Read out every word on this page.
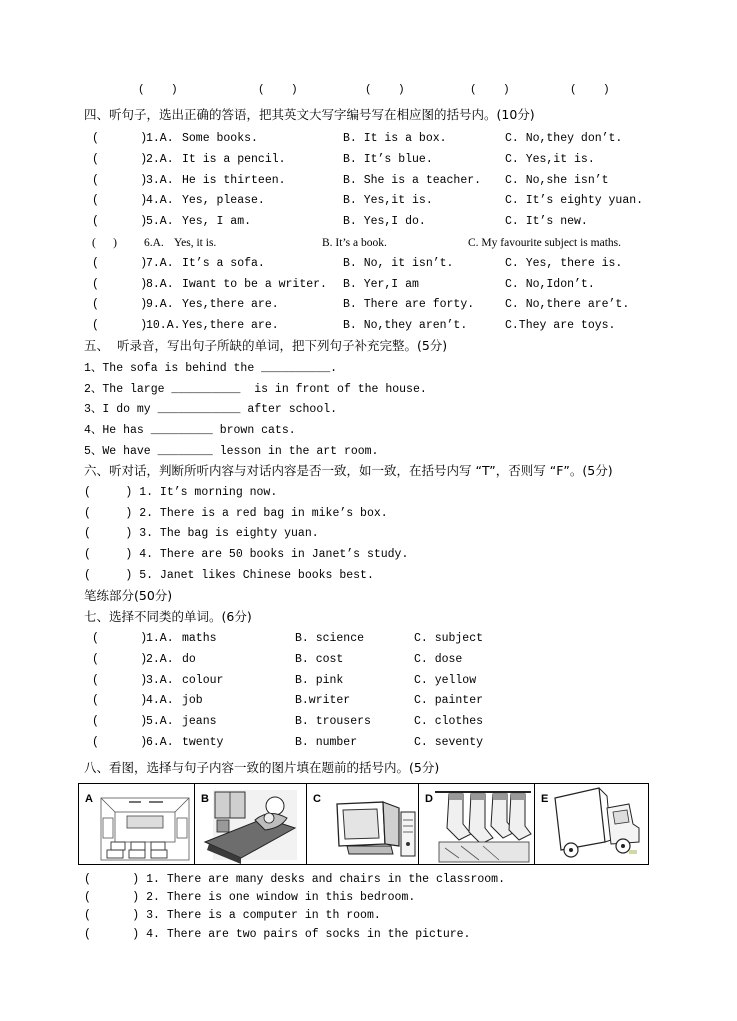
(    )	(    )	(    )	(    )	(    )
四、听句子，选出正确的答语，把其英文大写字编号写在相应图的括号内。(10分)
(      )
1.A. Some books.	B. It is a box.	C. No,they don’t.
(      )
2.A. It is a pencil.	B. It’s blue.	C. Yes,it is.
(      )
3.A. He is thirteen.	B. She is a teacher. C. No,she isn’t
(      )
4.A. Yes, please.	B. Yes,it is.	C. It’s eighty yuan.
(      )
5.A. Yes, I am.	B. Yes,I do.	C. It’s new.
(      ) 6.A. Yes, it is.	B. It’s a book.	C. My favourite subject is maths.
(      )
7.A. It’s a sofa.	B. No, it isn’t.	C. Yes, there is.
(      )
8.A. Iwant to be a writer. B. Yer,I am	C. No,Idon’t.
(      )
9.A. Yes,there are.	B. There are forty.	C. No,there are’t.
(      )
10.A. Yes,there are.	B. No,they aren’t.	C.They are toys.
五、  听录音，写出句子所缺的单词，把下列句子补充完整。(5分)
1、The sofa is behind the __________.
2、The large __________  is in front of the house.
3、I do my ____________ after school.
4、He has _________ brown cats.
5、We have ________ lesson in the art room.
六、听对话，判断所听内容与对话内容是否一致，如一致，在括号内写 “T”，否则写 “F”。(5分)
(     ) 1. It’s morning now.
(     ) 2. There is a red bag in mike’s box.
(     ) 3. The bag is eighty yuan.
(     ) 4. There are 50 books in Janet’s study.
(     ) 5. Janet likes Chinese books best.
笔练部分(50分)
七、选择不同类的单词。(6分)
(      )
1.A. maths	B. science	C. subject
(      )
2.A. do	B. cost	C. dose
(      )
3.A. colour	B. pink	C. yellow
(      )
4.A. job	B.writer	C. painter
(      )
5.A. jeans	B. trousers	C. clothes
(      )
6.A. twenty	B. number	C. seventy
八、看图，选择与句子内容一致的图片填在题前的括号内。(5分)
A	B	C	D	E
(      ) 1. There are many desks and chairs in the classroom.
(      ) 2. There is one window in this bedroom.
(      ) 3. There is a computer in th room.
(      ) 4. There are two pairs of socks in the picture.
